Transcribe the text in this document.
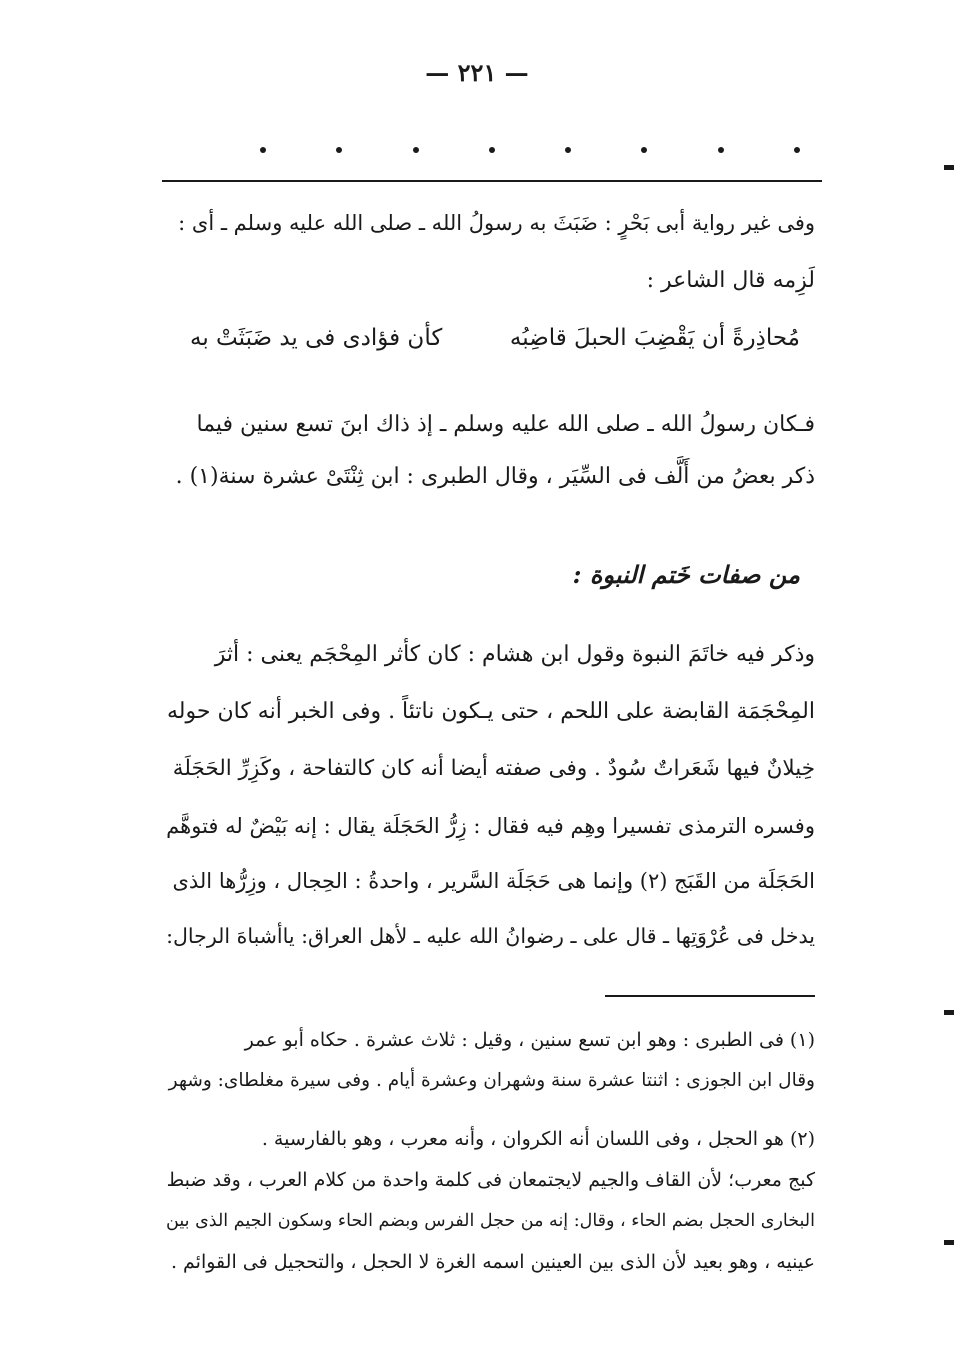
— ٢٢١ —
وفى غير رواية أبى بَحْرٍ : ضَبَثَ به رسولُ الله ـ صلى الله عليه وسلم ـ أى :
لَزِمه قال الشاعر :
كأن فؤادى فى يد ضَبَثَتْ به	مُحاذِرةً أن يَقْضِبَ الحبلَ قاضِبُه
فـكان رسولُ الله ـ صلى الله عليه وسلم ـ إذ ذاك ابنَ تسع سنين فيما
ذكر بعضُ من أَلَّف فى السِّيَر ، وقال الطبرى : ابن ثِنْتَىْ عشرة سنة(١) .
من صفات خَتم النبوة :
وذكر فيه خاتَمَ النبوة وقول ابن هشام : كان كأثر المِحْجَم يعنى : أثرَ
المِحْجَمَة القابضة على اللحم ، حتى يـكون ناتئاً . وفى الخبر أنه كان حوله
خِيلانٌ فيها شَعَراتٌ سُودٌ . وفى صفته أيضا أنه كان كالتفاحة ، وكَزِرِّ الحَجَلَة
وفسره الترمذى تفسيرا وهِم فيه فقال : زِرُّ الحَجَلَة يقال : إنه بَيْضٌ له فتوهَّم
الحَجَلَة من القَبَج (٢) وإنما هى حَجَلَة السَّرير ، واحدةُ : الحِجال ، وزِرُّها الذى
يدخل فى عُرْوَتِها ـ قال على ـ رضوانُ الله عليه ـ لأهل العراق: ياأشباهَ الرجال:
(١) فى الطبرى : وهو ابن تسع سنين ، وقيل : ثلاث عشرة . حكاه أبو عمر
وقال ابن الجوزى : اثنتا عشرة سنة وشهران وعشرة أيام . وفى سيرة مغلطاى: وشهر
(٢) هو الحجل ، وفى اللسان أنه الكروان ، وأنه معرب ، وهو بالفارسية .
كبج معرب؛ لأن القاف والجيم لايجتمعان فى كلمة واحدة من كلام العرب ، وقد ضبط
البخارى الحجل بضم الحاء ، وقال: إنه من حجل الفرس وبضم الحاء وسكون الجيم الذى بين
عينيه ، وهو بعيد لأن الذى بين العينين اسمه الغرة لا الحجل ، والتحجيل فى القوائم .
